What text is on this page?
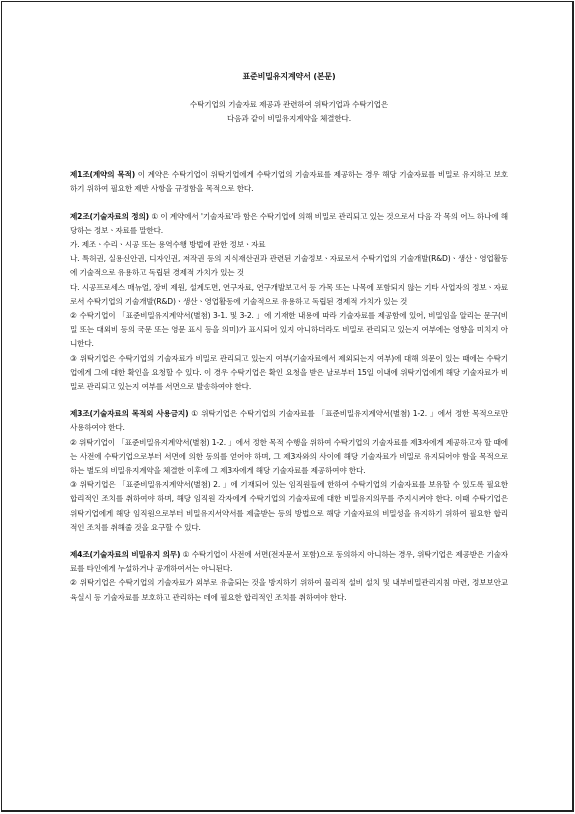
표준비밀유지계약서 (본문)
수탁기업의 기술자료 제공과 관련하여 위탁기업과 수탁기업은
다음과 같이 비밀유지계약을 체결한다.

제1조(계약의 목적) 이 계약은 수탁기업이 위탁기업에게 수탁기업의 기술자료를 제공하는 경우 해당 기술자료를 비밀로 유지하고 보호하기 위하여 필요한 제반 사항을 규정함을 목적으로 한다.

제2조(기술자료의 정의) ① 이 계약에서 '기술자료'라 함은 수탁기업에 의해 비밀로 관리되고 있는 것으로서 다음 각 목의 어느 하나에 해당하는 정보ㆍ자료를 말한다.

가. 제조ㆍ수리ㆍ시공 또는 용역수행 방법에 관한 정보ㆍ자료

나. 특허권, 실용신안권, 디자인권, 저작권 등의 지식재산권과 관련된 기술정보ㆍ자료로서 수탁기업의 기술개발(R&D)ㆍ생산ㆍ영업활동에 기술적으로 유용하고 독립된 경제적 가치가 있는 것

다. 시공프로세스 매뉴얼, 장비 제원, 설계도면, 연구자료, 연구개발보고서 등 가목 또는 나목에 포함되지 않는 기타 사업자의 정보ㆍ자료로서 수탁기업의 기술개발(R&D)ㆍ생산ㆍ영업활동에 기술적으로 유용하고 독립된 경제적 가치가 있는 것

② 수탁기업이 「표준비밀유지계약서(별첨) 3-1. 및 3-2. 」에 기재한 내용에 따라 기술자료를 제공함에 있어, 비밀임을 알리는 문구(비밀 또는 대외비 등의 국문 또는 영문 표시 등을 의미)가 표시되어 있지 아니하더라도 비밀로 관리되고 있는지 여부에는 영향을 미치지 아니한다.

③ 위탁기업은 수탁기업의 기술자료가 비밀로 관리되고 있는지 여부(기술자료에서 제외되는지 여부)에 대해 의문이 있는 때에는 수탁기업에게 그에 대한 확인을 요청할 수 있다. 이 경우 수탁기업은 확인 요청을 받은 날로부터 15일 이내에 위탁기업에게 해당 기술자료가 비밀로 관리되고 있는지 여부를 서면으로 발송하여야 한다.

제3조(기술자료의 목적외 사용금지) ① 위탁기업은 수탁기업의 기술자료를 「표준비밀유지계약서(별첨) 1-2. 」에서 정한 목적으로만 사용하여야 한다.

② 위탁기업이 「표준비밀유지계약서(별첨) 1-2. 」에서 정한 목적 수행을 위하여 수탁기업의 기술자료를 제3자에게 제공하고자 할 때에는 사전에 수탁기업으로부터 서면에 의한 동의를 얻어야 하며, 그 제3자와의 사이에 해당 기술자료가 비밀로 유지되어야 함을 목적으로 하는 별도의 비밀유지계약을 체결한 이후에 그 제3자에게 해당 기술자료를 제공하여야 한다.

③ 위탁기업은 「표준비밀유지계약서(별첨) 2. 」에 기재되어 있는 임직원들에 한하여 수탁기업의 기술자료를 보유할 수 있도록 필요한 합리적인 조치를 취하여야 하며, 해당 임직원 각자에게 수탁기업의 기술자료에 대한 비밀유지의무를 주지시켜야 한다. 이때 수탁기업은 위탁기업에게 해당 임직원으로부터 비밀유지서약서를 제출받는 등의 방법으로 해당 기술자료의 비밀성을 유지하기 위하여 필요한 합리적인 조치를 취해줄 것을 요구할 수 있다.

제4조(기술자료의 비밀유지 의무) ① 수탁기업이 사전에 서면(전자문서 포함)으로 동의하지 아니하는 경우, 위탁기업은 제공받은 기술자료를 타인에게 누설하거나 공개하여서는 아니된다.

② 위탁기업은 수탁기업의 기술자료가 외부로 유출되는 것을 방지하기 위하여 물리적 설비 설치 및 내부비밀관리지침 마련, 정보보안교육실시 등 기술자료를 보호하고 관리하는 데에 필요한 합리적인 조치를 취하여야 한다.
